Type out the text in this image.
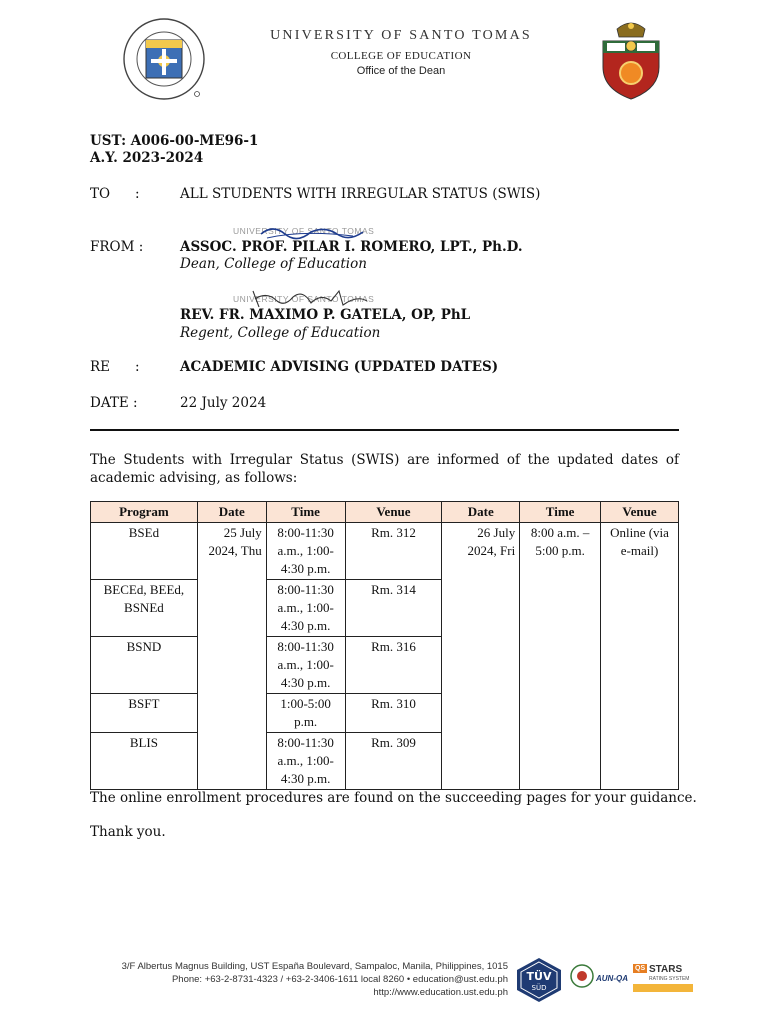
UNIVERSITY OF SANTO TOMAS
COLLEGE OF EDUCATION
Office of the Dean
UST: A006-00-ME96-1
A.Y. 2023-2024
TO :	ALL STUDENTS WITH IRREGULAR STATUS (SWIS)
UNIVERSITY OF SANTO TOMAS
FROM :	ASSOC. PROF. PILAR I. ROMERO, LPT., Ph.D.
Dean, College of Education
UNIVERSITY OF SANTO TOMAS
REV. FR. MAXIMO P. GATELA, OP, PhL
Regent, College of Education
RE :	ACADEMIC ADVISING (UPDATED DATES)
DATE :	22 July 2024
The Students with Irregular Status (SWIS) are informed of the updated dates of academic advising, as follows:
Program	Date	Time	Venue	Date	Time	Venue
BSEd	25 July 2024, Thu	8:00-11:30 a.m., 1:00-4:30 p.m.	Rm. 312	26 July 2024, Fri	8:00 a.m. – 5:00 p.m.	Online (via e-mail)
BECEd, BEEd, BSNEd		8:00-11:30 a.m., 1:00-4:30 p.m.	Rm. 314			
BSND		8:00-11:30 a.m., 1:00-4:30 p.m.	Rm. 316			
BSFT		1:00-5:00 p.m.	Rm. 310			
BLIS		8:00-11:30 a.m., 1:00-4:30 p.m.	Rm. 309			
The online enrollment procedures are found on the succeeding pages for your guidance.
Thank you.
3/F Albertus Magnus Building, UST España Boulevard, Sampaloc, Manila, Philippines, 1015
Phone: +63-2-8731-4323 / +63-2-3406-1611 local 8260 • education@ust.edu.ph
http://www.education.ust.edu.ph
TÜV
SÜD
AUN-QA
QS STARS
RATING SYSTEM
